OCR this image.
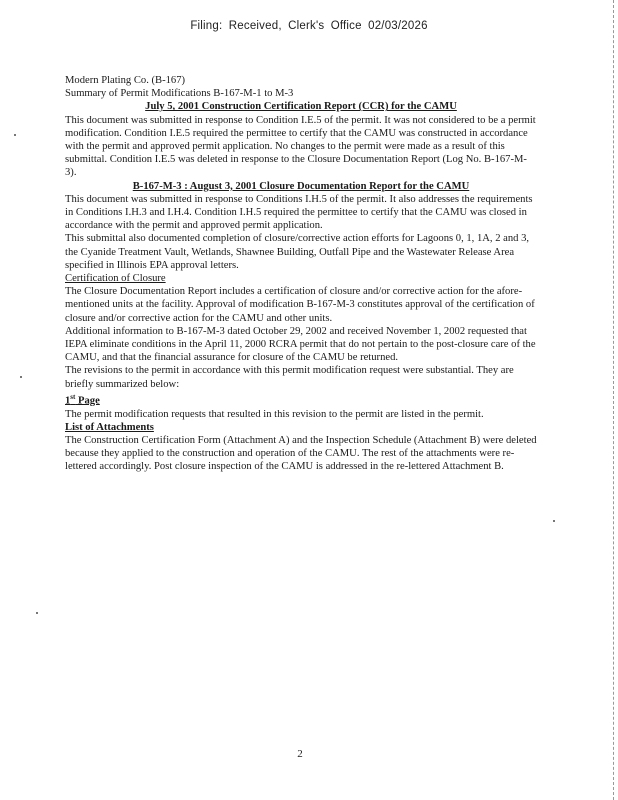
Filing: Received, Clerk's Office 02/03/2026

Modern Plating Co. (B-167)

Summary of Permit Modifications B-167-M-1 to M-3

July 5, 2001 Construction Certification Report (CCR) for the CAMU

This document was submitted in response to Condition I.E.5 of the permit. It was not considered to be a permit modification. Condition I.E.5 required the permittee to certify that the CAMU was constructed in accordance with the permit and approved permit application. No changes to the permit were made as a result of this submittal. Condition I.E.5 was deleted in response to the Closure Documentation Report (Log No. B-167-M-3).

B-167-M-3 : August 3, 2001 Closure Documentation Report for the CAMU

This document was submitted in response to Conditions I.H.5 of the permit. It also addresses the requirements in Conditions I.H.3 and I.H.4. Condition I.H.5 required the permittee to certify that the CAMU was closed in accordance with the permit and approved permit application.

This submittal also documented completion of closure/corrective action efforts for Lagoons 0, 1, 1A, 2 and 3, the Cyanide Treatment Vault, Wetlands, Shawnee Building, Outfall Pipe and the Wastewater Release Area specified in Illinois EPA approval letters.

Certification of Closure

The Closure Documentation Report includes a certification of closure and/or corrective action for the afore-mentioned units at the facility. Approval of modification B-167-M-3 constitutes approval of the certification of closure and/or corrective action for the CAMU and other units.

Additional information to B-167-M-3 dated October 29, 2002 and received November 1, 2002 requested that IEPA eliminate conditions in the April 11, 2000 RCRA permit that do not pertain to the post-closure care of the CAMU, and that the financial assurance for closure of the CAMU be returned.

The revisions to the permit in accordance with this permit modification request were substantial. They are briefly summarized below:

1st Page

The permit modification requests that resulted in this revision to the permit are listed in the permit.

List of Attachments

The Construction Certification Form (Attachment A) and the Inspection Schedule (Attachment B) were deleted because they applied to the construction and operation of the CAMU. The rest of the attachments were re-lettered accordingly. Post closure inspection of the CAMU is addressed in the re-lettered Attachment B.

2
